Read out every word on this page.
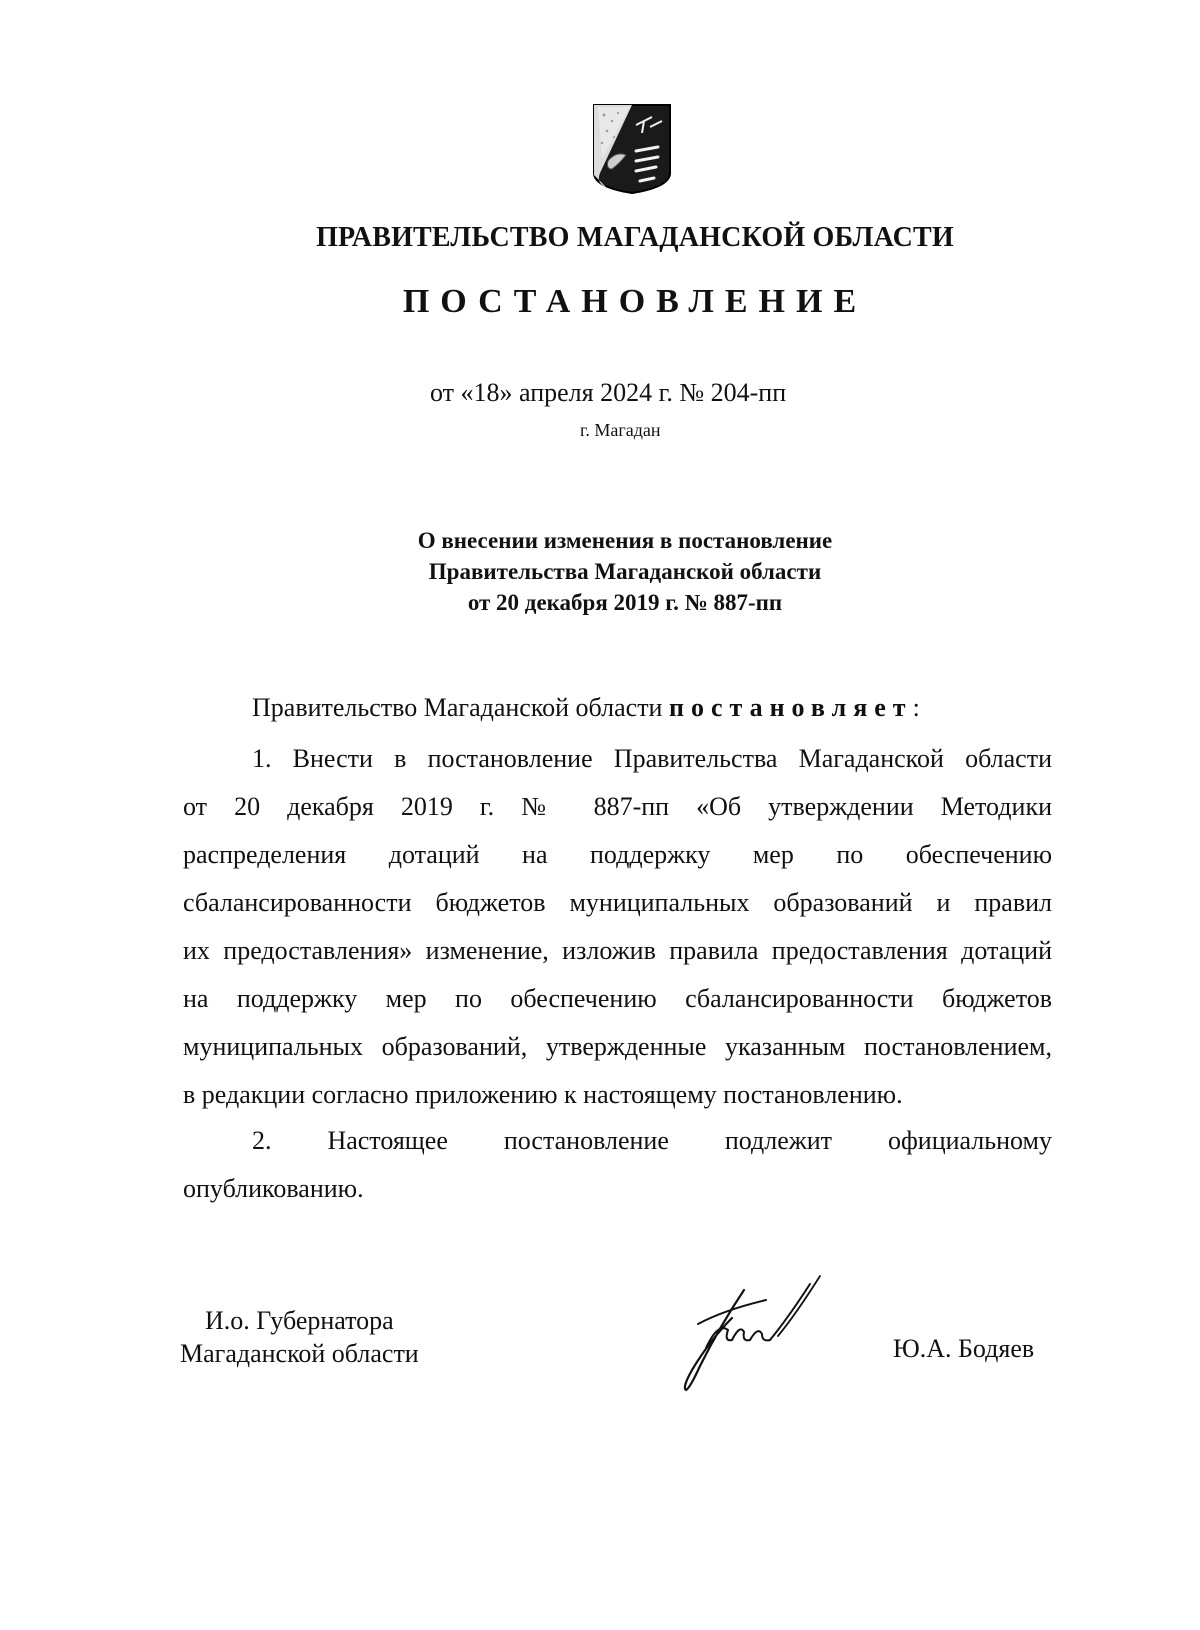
ПРАВИТЕЛЬСТВО МАГАДАНСКОЙ ОБЛАСТИ
ПОСТАНОВЛЕНИЕ
от «18» апреля 2024 г. № 204-пп
г. Магадан
О внесении изменения в постановление
Правительства Магаданской области
от 20 декабря 2019 г. № 887-пп
Правительство Магаданской области постановляет:
1. Внести в постановление Правительства Магаданской области
от 20 декабря 2019 г. № 887-пп «Об утверждении Методики
распределения дотаций на поддержку мер по обеспечению
сбалансированности бюджетов муниципальных образований и правил
их предоставления» изменение, изложив правила предоставления дотаций
на поддержку мер по обеспечению сбалансированности бюджетов
муниципальных образований, утвержденные указанным постановлением,
в редакции согласно приложению к настоящему постановлению.
2. Настоящее постановление подлежит официальному
опубликованию.
И.о. Губернатора
Магаданской области	Ю.А. Бодяев
